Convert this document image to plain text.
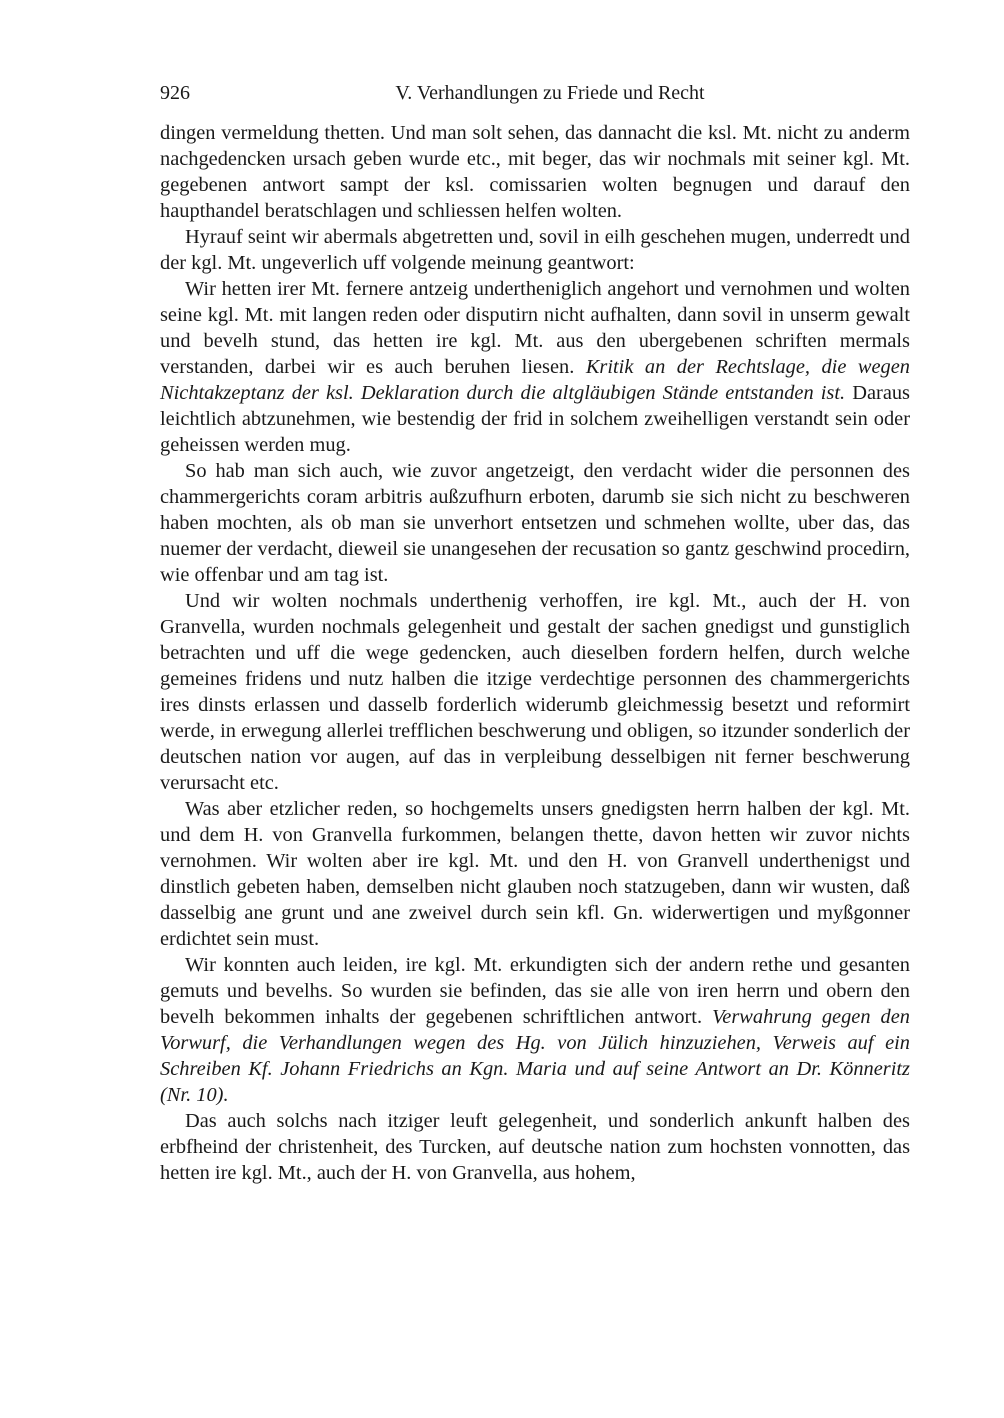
926	V. Verhandlungen zu Friede und Recht

dingen vermeldung thetten. Und man solt sehen, das dannacht die ksl. Mt. nicht zu anderm nachgedencken ursach geben wurde etc., mit beger, das wir nochmals mit seiner kgl. Mt. gegebenen antwort sampt der ksl. comissarien wolten begnugen und darauf den haupthandel beratschlagen und schliessen helfen wolten.

Hyrauf seint wir abermals abgetretten und, sovil in eilh geschehen mugen, underredt und der kgl. Mt. ungeverlich uff volgende meinung geantwort:

Wir hetten irer Mt. fernere antzeig undertheniglich angehort und vernohmen und wolten seine kgl. Mt. mit langen reden oder disputirn nicht aufhalten, dann sovil in unserm gewalt und bevelh stund, das hetten ire kgl. Mt. aus den ubergebenen schriften mermals verstanden, darbei wir es auch beruhen liesen. Kritik an der Rechtslage, die wegen Nichtakzeptanz der ksl. Deklaration durch die altgläubigen Stände entstanden ist. Daraus leichtlich abtzunehmen, wie bestendig der frid in solchem zweihelligen verstandt sein oder geheissen werden mug.

So hab man sich auch, wie zuvor angetzeigt, den verdacht wider die personnen des chammergerichts coram arbitris außzufhurn erboten, darumb sie sich nicht zu beschweren haben mochten, als ob man sie unverhort entsetzen und schmehen wollte, uber das, das nuemer der verdacht, dieweil sie unangesehen der recusation so gantz geschwind procedirn, wie offenbar und am tag ist.

Und wir wolten nochmals underthenig verhoffen, ire kgl. Mt., auch der H. von Granvella, wurden nochmals gelegenheit und gestalt der sachen gnedigst und gunstiglich betrachten und uff die wege gedencken, auch dieselben fordern helfen, durch welche gemeines fridens und nutz halben die itzige verdechtige personnen des chammergerichts ires dinsts erlassen und dasselb forderlich widerumb gleichmessig besetzt und reformirt werde, in erwegung allerlei trefflichen beschwerung und obligen, so itzunder sonderlich der deutschen nation vor augen, auf das in verpleibung desselbigen nit ferner beschwerung verursacht etc.

Was aber etzlicher reden, so hochgemelts unsers gnedigsten herrn halben der kgl. Mt. und dem H. von Granvella furkommen, belangen thette, davon hetten wir zuvor nichts vernohmen. Wir wolten aber ire kgl. Mt. und den H. von Granvell underthenigst und dinstlich gebeten haben, demselben nicht glauben noch statzugeben, dann wir wusten, daß dasselbig ane grunt und ane zweivel durch sein kfl. Gn. widerwertigen und myßgonner erdichtet sein must.

Wir konnten auch leiden, ire kgl. Mt. erkundigten sich der andern rethe und gesanten gemuts und bevelhs. So wurden sie befinden, das sie alle von iren herrn und obern den bevelh bekommen inhalts der gegebenen schriftlichen antwort. Verwahrung gegen den Vorwurf, die Verhandlungen wegen des Hg. von Jülich hinzuziehen, Verweis auf ein Schreiben Kf. Johann Friedrichs an Kgn. Maria und auf seine Antwort an Dr. Könneritz (Nr. 10).

Das auch solchs nach itziger leuft gelegenheit, und sonderlich ankunft halben des erbfheind der christenheit, des Turcken, auf deutsche nation zum hochsten vonnotten, das hetten ire kgl. Mt., auch der H. von Granvella, aus hohem,
